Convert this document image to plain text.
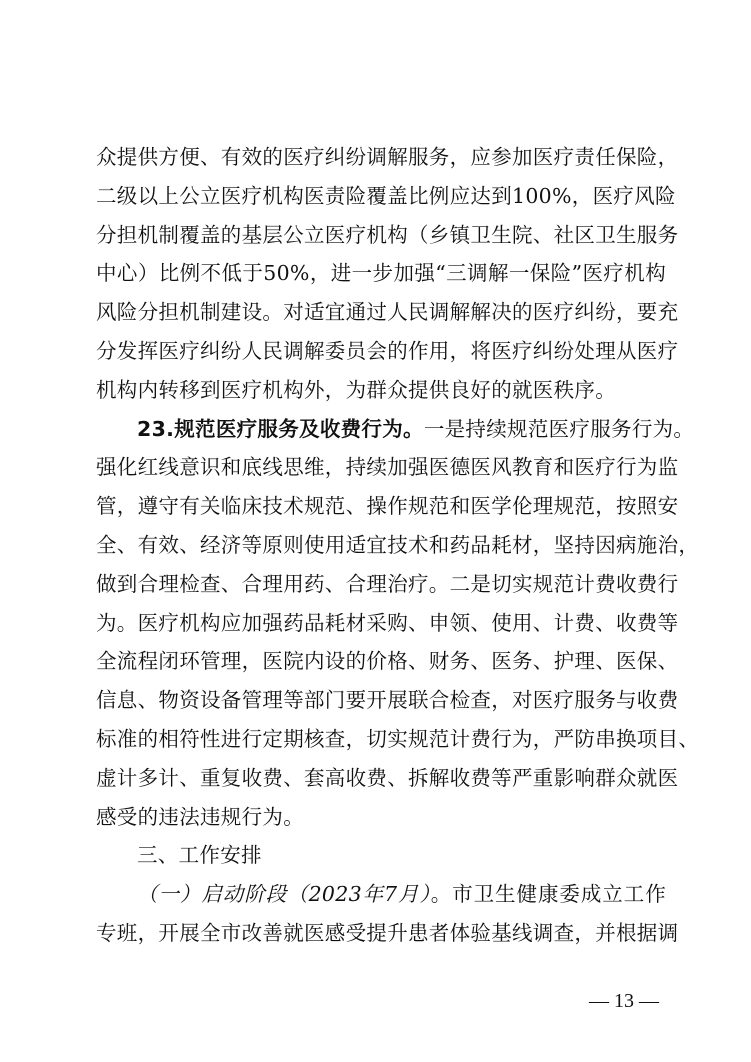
众提供方便、有效的医疗纠纷调解服务，应参加医疗责任保险，
二级以上公立医疗机构医责险覆盖比例应达到100%，医疗风险
分担机制覆盖的基层公立医疗机构（乡镇卫生院、社区卫生服务
中心）比例不低于50%，进一步加强“三调解一保险”医疗机构
风险分担机制建设。对适宜通过人民调解解决的医疗纠纷，要充
分发挥医疗纠纷人民调解委员会的作用，将医疗纠纷处理从医疗
机构内转移到医疗机构外，为群众提供良好的就医秩序。
23.规范医疗服务及收费行为。一是持续规范医疗服务行为。
强化红线意识和底线思维，持续加强医德医风教育和医疗行为监
管，遵守有关临床技术规范、操作规范和医学伦理规范，按照安
全、有效、经济等原则使用适宜技术和药品耗材，坚持因病施治，
做到合理检查、合理用药、合理治疗。二是切实规范计费收费行
为。医疗机构应加强药品耗材采购、申领、使用、计费、收费等
全流程闭环管理，医院内设的价格、财务、医务、护理、医保、
信息、物资设备管理等部门要开展联合检查，对医疗服务与收费
标准的相符性进行定期核查，切实规范计费行为，严防串换项目、
虚计多计、重复收费、套高收费、拆解收费等严重影响群众就医
感受的违法违规行为。
三、工作安排
（一）启动阶段（2023年7月）。市卫生健康委成立工作
专班，开展全市改善就医感受提升患者体验基线调查，并根据调
— 13 —
